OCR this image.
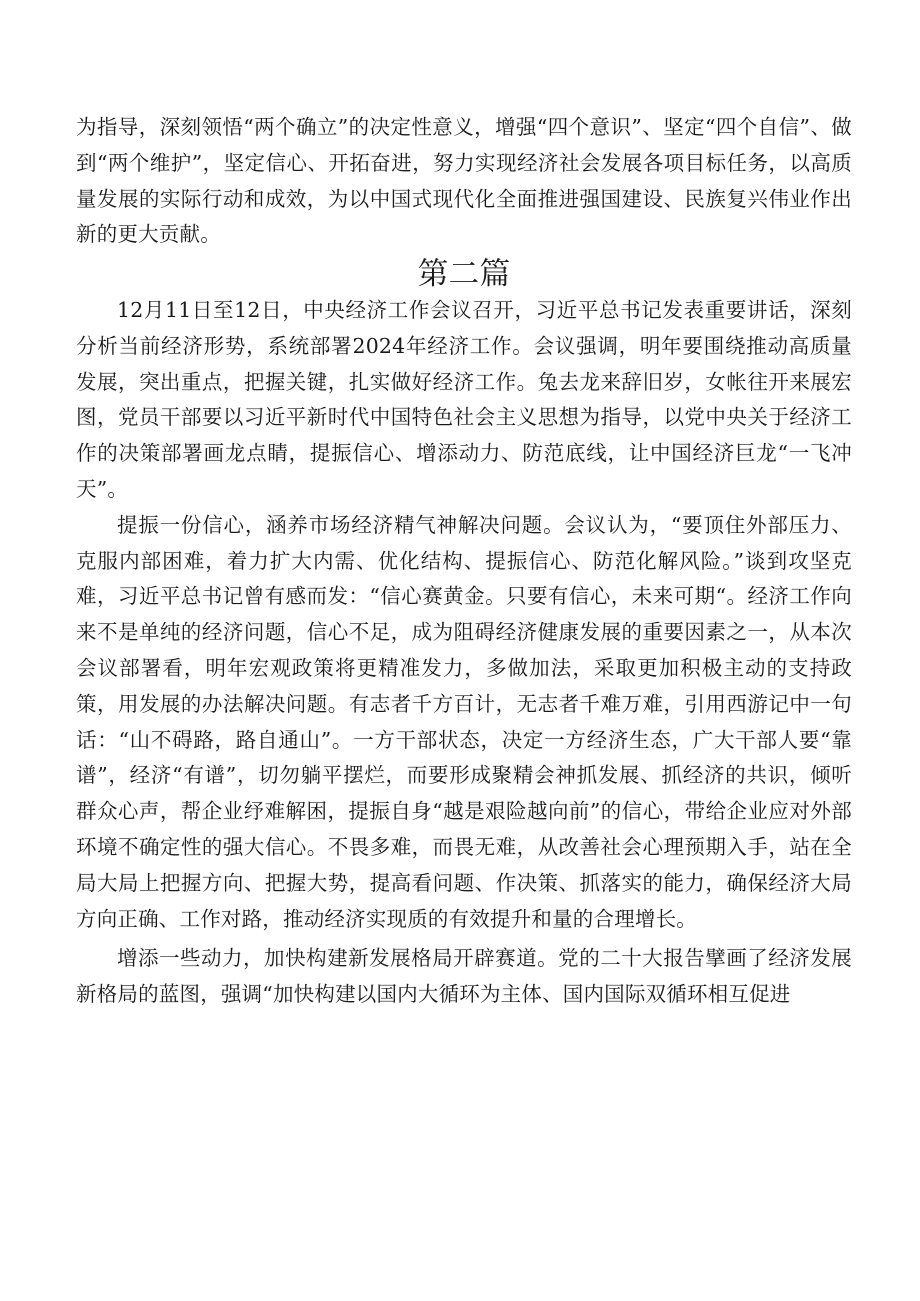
为指导，深刻领悟“两个确立”的决定性意义，增强“四个意识”、坚定“四个自信”、做到“两个维护”，坚定信心、开拓奋进，努力实现经济社会发展各项目标任务，以高质量发展的实际行动和成效，为以中国式现代化全面推进强国建设、民族复兴伟业作出新的更大贡献。

第二篇

12月11日至12日，中央经济工作会议召开，习近平总书记发表重要讲话，深刻分析当前经济形势，系统部署2024年经济工作。会议强调，明年要围绕推动高质量发展，突出重点，把握关键，扎实做好经济工作。兔去龙来辞旧岁，女帐往开来展宏图，党员干部要以习近平新时代中国特色社会主义思想为指导，以党中央关于经济工作的决策部署画龙点睛，提振信心、增添动力、防范底线，让中国经济巨龙“一飞冲天”。

提振一份信心，涵养市场经济精气神解决问题。会议认为，“要顶住外部压力、克服内部困难，着力扩大内需、优化结构、提振信心、防范化解风险。”谈到攻坚克难，习近平总书记曾有感而发：“信心赛黄金。只要有信心，未来可期“。经济工作向来不是单纯的经济问题，信心不足，成为阻碍经济健康发展的重要因素之一，从本次会议部署看，明年宏观政策将更精准发力，多做加法，采取更加积极主动的支持政策，用发展的办法解决问题。有志者千方百计，无志者千难万难，引用西游记中一句话：“山不碍路，路自通山”。一方干部状态，决定一方经济生态，广大干部人要“靠谱”，经济“有谱”，切勿躺平摆烂，而要形成聚精会神抓发展、抓经济的共识，倾听群众心声，帮企业纾难解困，提振自身“越是艰险越向前”的信心，带给企业应对外部环境不确定性的强大信心。不畏多难，而畏无难，从改善社会心理预期入手，站在全局大局上把握方向、把握大势，提高看问题、作决策、抓落实的能力，确保经济大局方向正确、工作对路，推动经济实现质的有效提升和量的合理增长。

增添一些动力，加快构建新发展格局开辟赛道。党的二十大报告擘画了经济发展新格局的蓝图，强调“加快构建以国内大循环为主体、国内国际双循环相互促进
